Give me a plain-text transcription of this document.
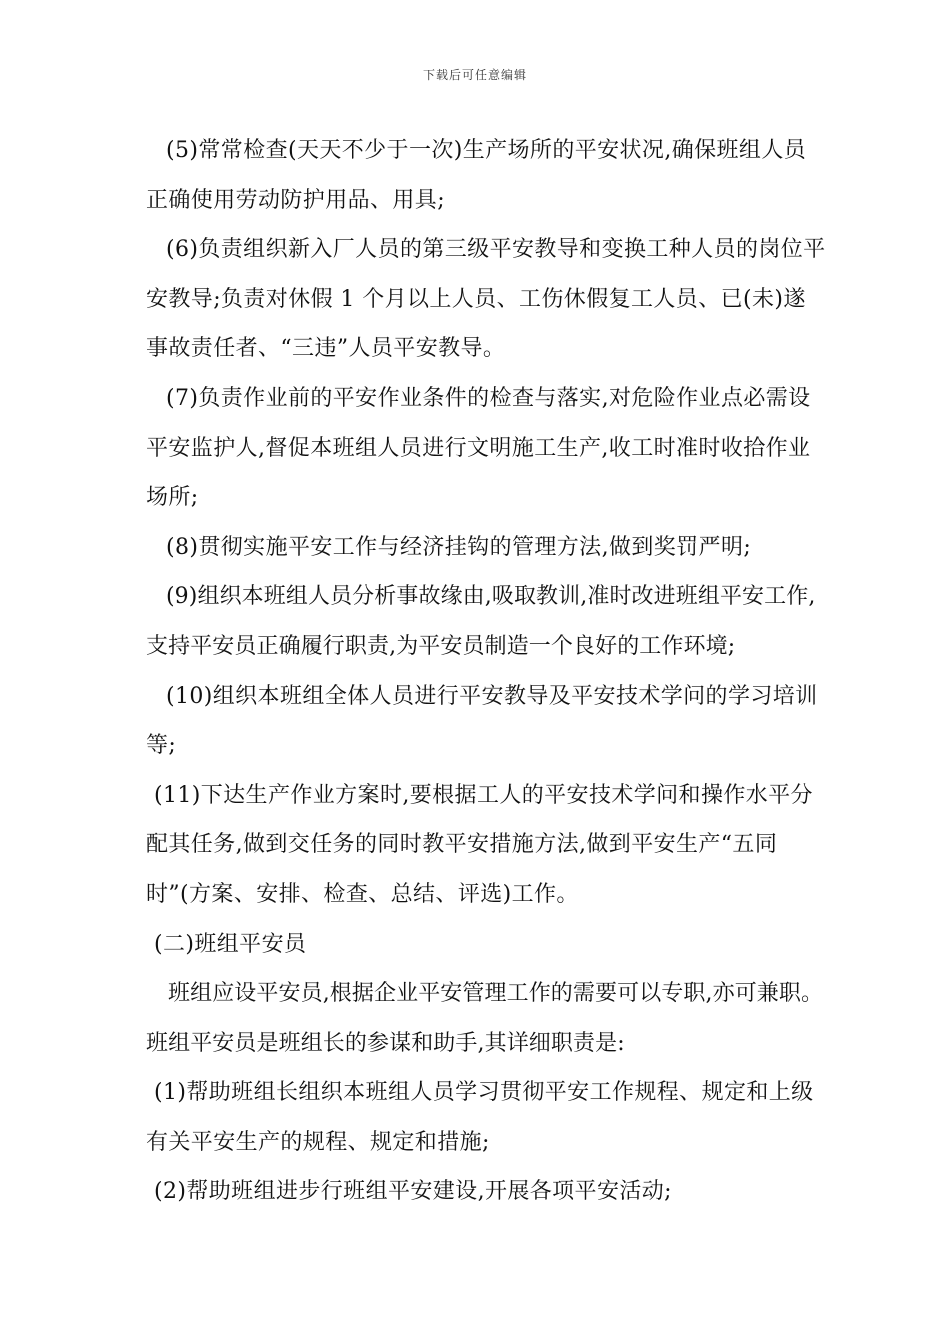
下载后可任意编辑

(5)常常检查(天天不少于一次)生产场所的平安状况,确保班组人员正确使用劳动防护用品、用具;

(6)负责组织新入厂人员的第三级平安教导和变换工种人员的岗位平安教导;负责对休假 1 个月以上人员、工伤休假复工人员、已(未)遂事故责任者、“三违”人员平安教导。

(7)负责作业前的平安作业条件的检查与落实,对危险作业点必需设平安监护人,督促本班组人员进行文明施工生产,收工时准时收拾作业场所;

(8)贯彻实施平安工作与经济挂钩的管理方法,做到奖罚严明;

(9)组织本班组人员分析事故缘由,吸取教训,准时改进班组平安工作,支持平安员正确履行职责,为平安员制造一个良好的工作环境;

(10)组织本班组全体人员进行平安教导及平安技术学问的学习培训等;

(11)下达生产作业方案时,要根据工人的平安技术学问和操作水平分配其任务,做到交任务的同时教平安措施方法,做到平安生产“五同时”(方案、安排、检查、总结、评选)工作。

(二)班组平安员

班组应设平安员,根据企业平安管理工作的需要可以专职,亦可兼职。班组平安员是班组长的参谋和助手,其详细职责是:

(1)帮助班组长组织本班组人员学习贯彻平安工作规程、规定和上级有关平安生产的规程、规定和措施;

(2)帮助班组进步行班组平安建设,开展各项平安活动;
